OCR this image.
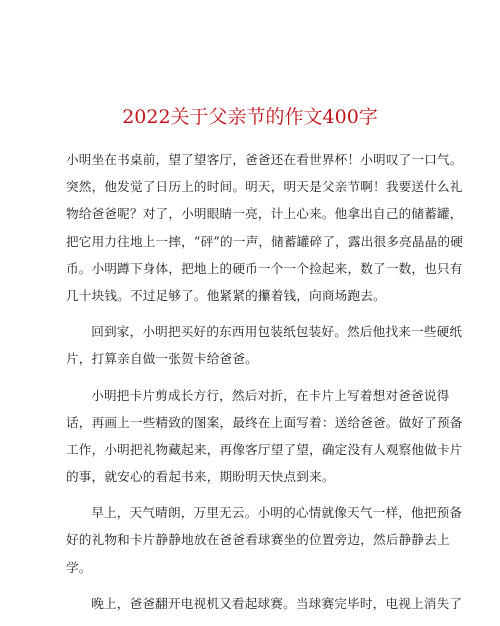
2022关于父亲节的作文400字

小明坐在书桌前，望了望客厅，爸爸还在看世界杯！小明叹了一口气。
突然，他发觉了日历上的时间。明天，明天是父亲节啊！我要送什么礼
物给爸爸呢？对了，小明眼睛一亮，计上心来。他拿出自己的储蓄罐，
把它用力往地上一摔，“砰”的一声，储蓄罐碎了，露出很多亮晶晶的硬
币。小明蹲下身体，把地上的硬币一个一个捡起来，数了一数，也只有
几十块钱。不过足够了。他紧紧的攥着钱，向商场跑去。

回到家，小明把买好的东西用包装纸包装好。然后他找来一些硬纸
片，打算亲自做一张贺卡给爸爸。

小明把卡片剪成长方行，然后对折，在卡片上写着想对爸爸说得
话，再画上一些精致的图案，最终在上面写着：送给爸爸。做好了预备
工作，小明把礼物藏起来，再像客厅望了望，确定没有人观察他做卡片
的事，就安心的看起书来，期盼明天快点到来。

早上，天气晴朗，万里无云。小明的心情就像天气一样，他把预备
好的礼物和卡片静静地放在爸爸看球赛坐的位置旁边，然后静静去上
学。

晚上，爸爸翻开电视机又看起球赛。当球赛完毕时，电视上消失了
